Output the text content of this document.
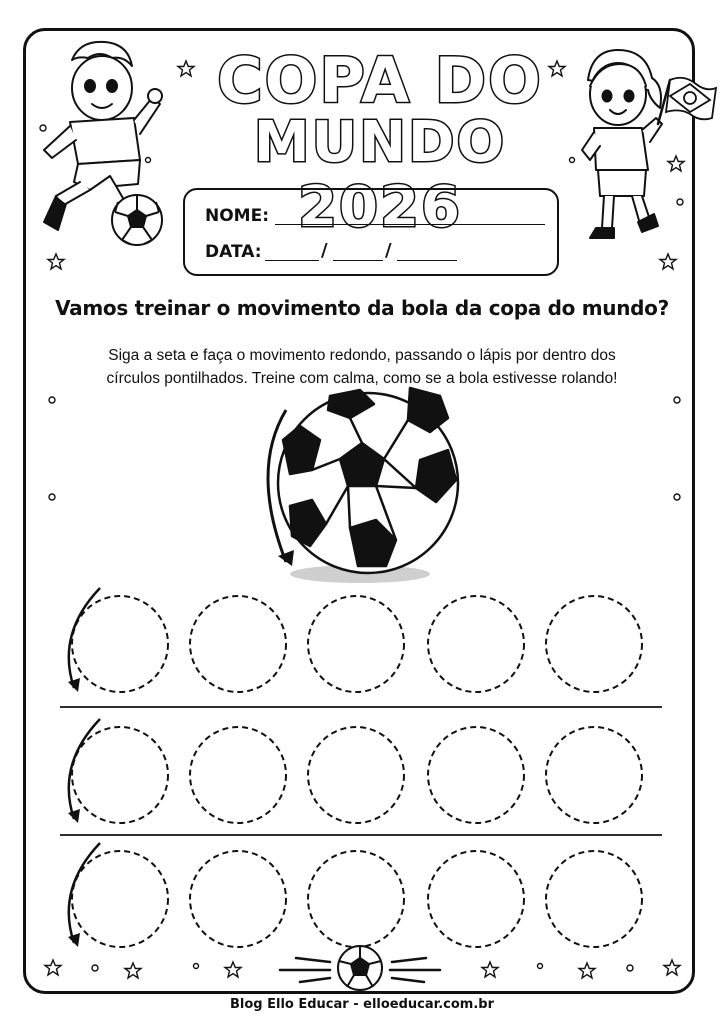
COPA DO
MUNDO 2026
NOME:
DATA:	/	/
Vamos treinar o movimento da bola da copa do mundo?
Siga a seta e faça o movimento redondo, passando o lápis por dentro dos
círculos pontilhados. Treine com calma, como se a bola estivesse rolando!
Blog Ello Educar - elloeducar.com.br
